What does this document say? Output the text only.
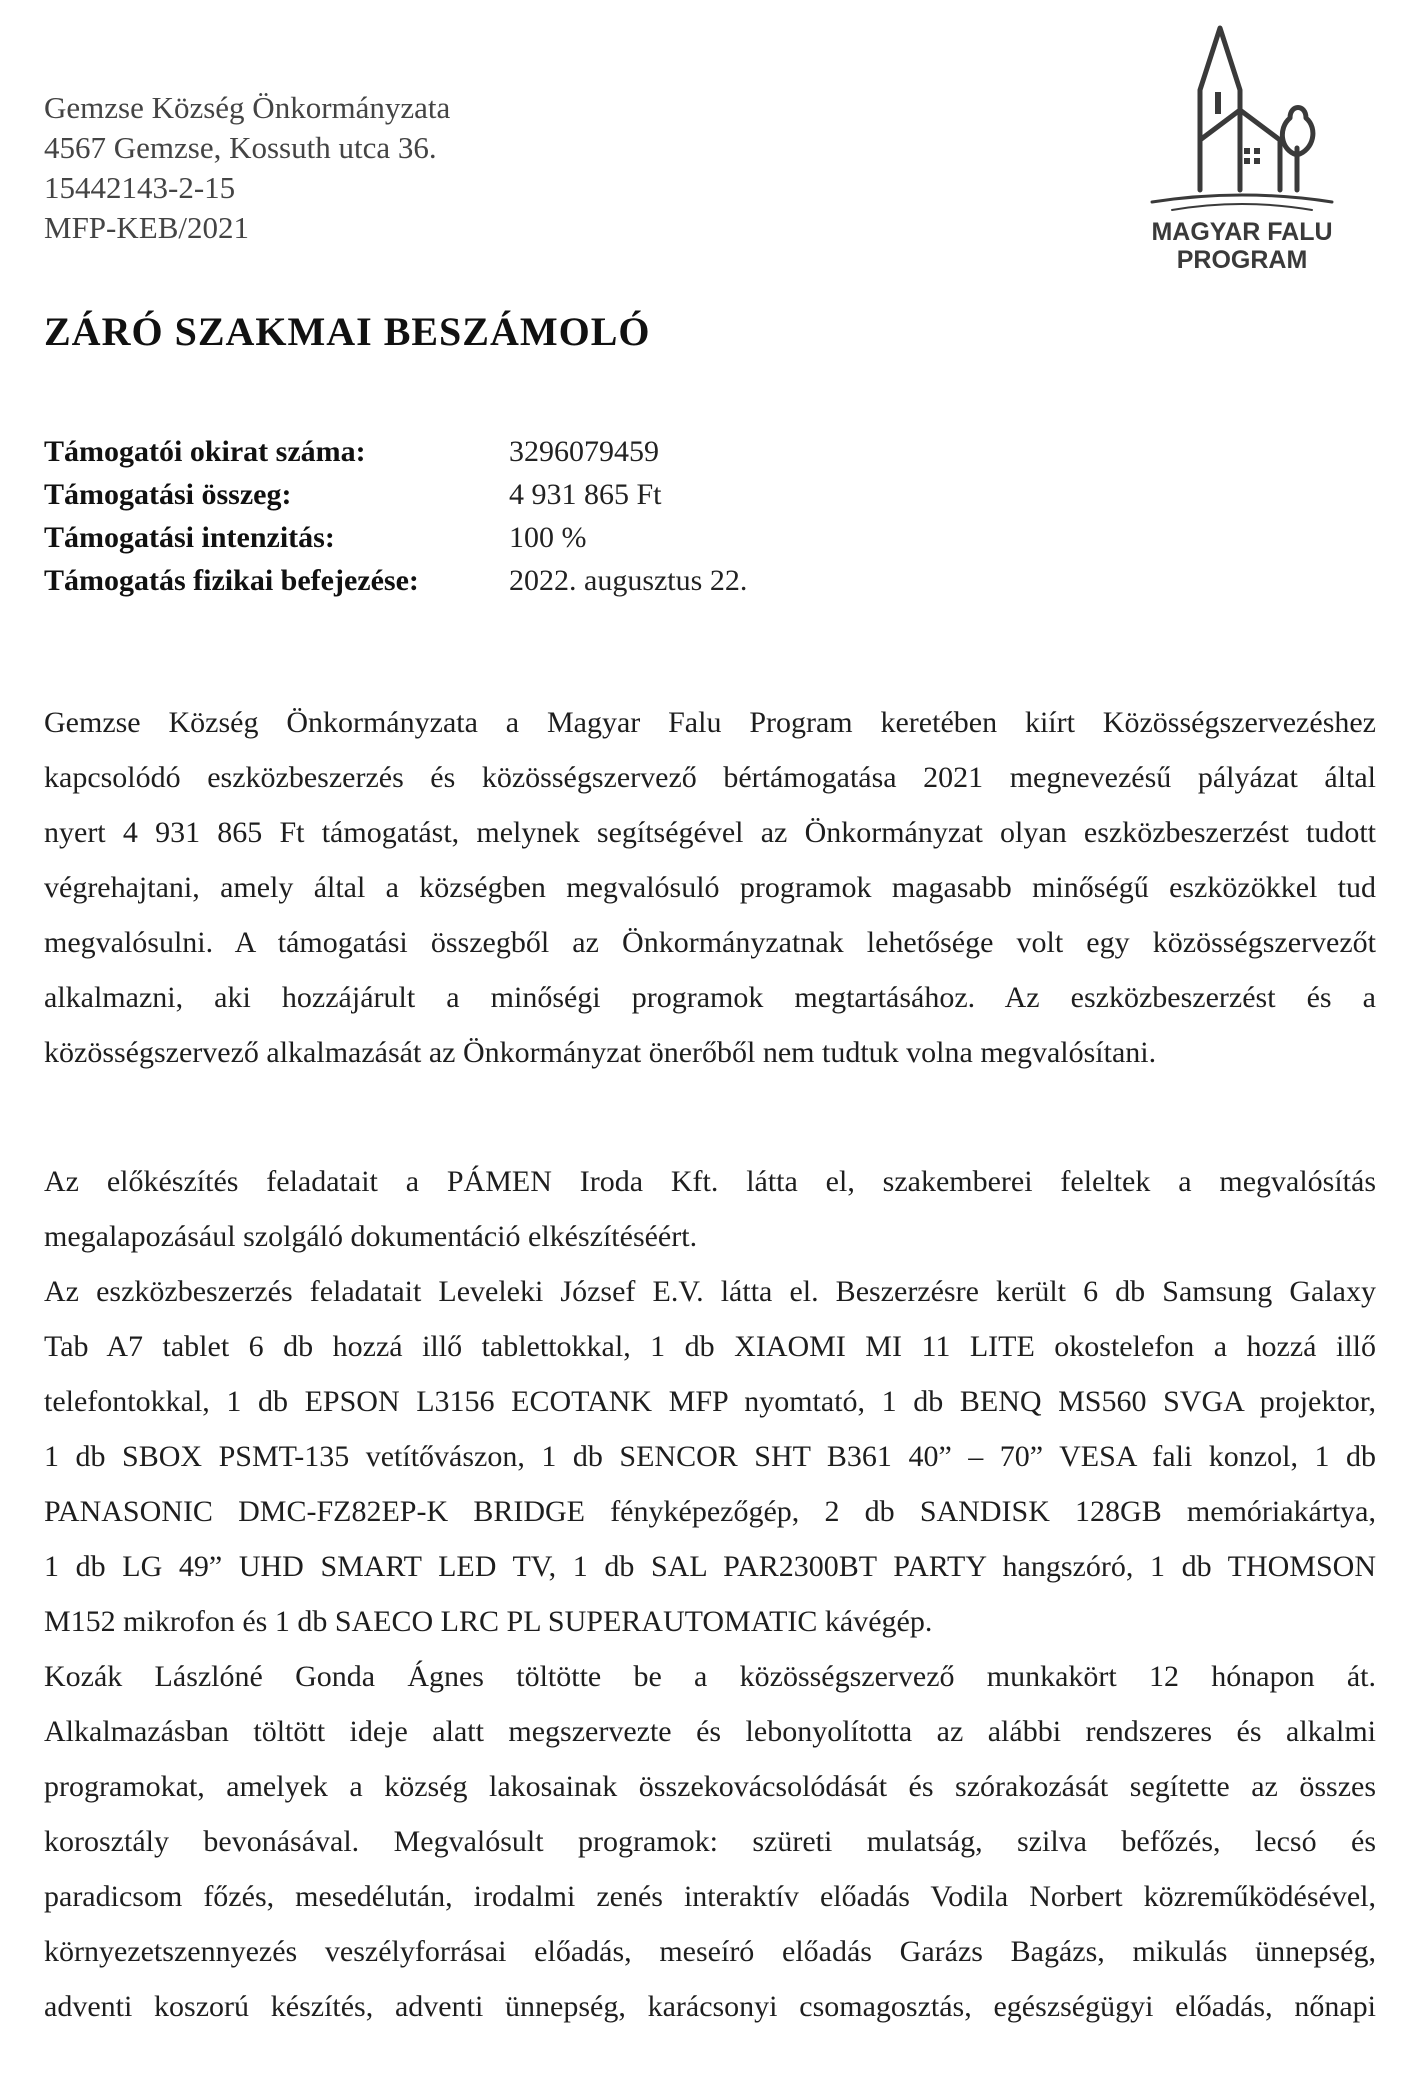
Gemzse Község Önkormányzata
4567 Gemzse, Kossuth utca 36.
15442143-2-15
MFP-KEB/2021	MAGYAR FALU
PROGRAM
ZÁRÓ SZAKMAI BESZÁMOLÓ
Támogatói okirat száma:	3296079459
Támogatási összeg:	4 931 865 Ft
Támogatási intenzitás:	100 %
Támogatás fizikai befejezése:	2022. augusztus 22.
Gemzse Község Önkormányzata a Magyar Falu Program keretében kiírt Közösségszervezéshez
kapcsolódó eszközbeszerzés és közösségszervező bértámogatása 2021 megnevezésű pályázat által
nyert 4 931 865 Ft támogatást, melynek segítségével az Önkormányzat olyan eszközbeszerzést tudott
végrehajtani, amely által a községben megvalósuló programok magasabb minőségű eszközökkel tud
megvalósulni. A támogatási összegből az Önkormányzatnak lehetősége volt egy közösségszervezőt
alkalmazni, aki hozzájárult a minőségi programok megtartásához. Az eszközbeszerzést és a
közösségszervező alkalmazását az Önkormányzat önerőből nem tudtuk volna megvalósítani.
Az előkészítés feladatait a PÁMEN Iroda Kft. látta el, szakemberei feleltek a megvalósítás
megalapozásául szolgáló dokumentáció elkészítéséért.
Az eszközbeszerzés feladatait Leveleki József E.V. látta el. Beszerzésre került 6 db Samsung Galaxy
Tab A7 tablet 6 db hozzá illő tablettokkal, 1 db XIAOMI MI 11 LITE okostelefon a hozzá illő
telefontokkal, 1 db EPSON L3156 ECOTANK MFP nyomtató, 1 db BENQ MS560 SVGA projektor,
1 db SBOX PSMT-135 vetítővászon, 1 db SENCOR SHT B361 40” – 70” VESA fali konzol, 1 db
PANASONIC DMC-FZ82EP-K BRIDGE fényképezőgép, 2 db SANDISK 128GB memóriakártya,
1 db LG 49” UHD SMART LED TV, 1 db SAL PAR2300BT PARTY hangszóró, 1 db THOMSON
M152 mikrofon és 1 db SAECO LRC PL SUPERAUTOMATIC kávégép.
Kozák Lászlóné Gonda Ágnes töltötte be a közösségszervező munkakört 12 hónapon át.
Alkalmazásban töltött ideje alatt megszervezte és lebonyolította az alábbi rendszeres és alkalmi
programokat, amelyek a község lakosainak összekovácsolódását és szórakozását segítette az összes
korosztály bevonásával. Megvalósult programok: szüreti mulatság, szilva befőzés, lecsó és
paradicsom főzés, mesedélután, irodalmi zenés interaktív előadás Vodila Norbert közreműködésével,
környezetszennyezés veszélyforrásai előadás, meseíró előadás Garázs Bagázs, mikulás ünnepség,
adventi koszorú készítés, adventi ünnepség, karácsonyi csomagosztás, egészségügyi előadás, nőnapi
